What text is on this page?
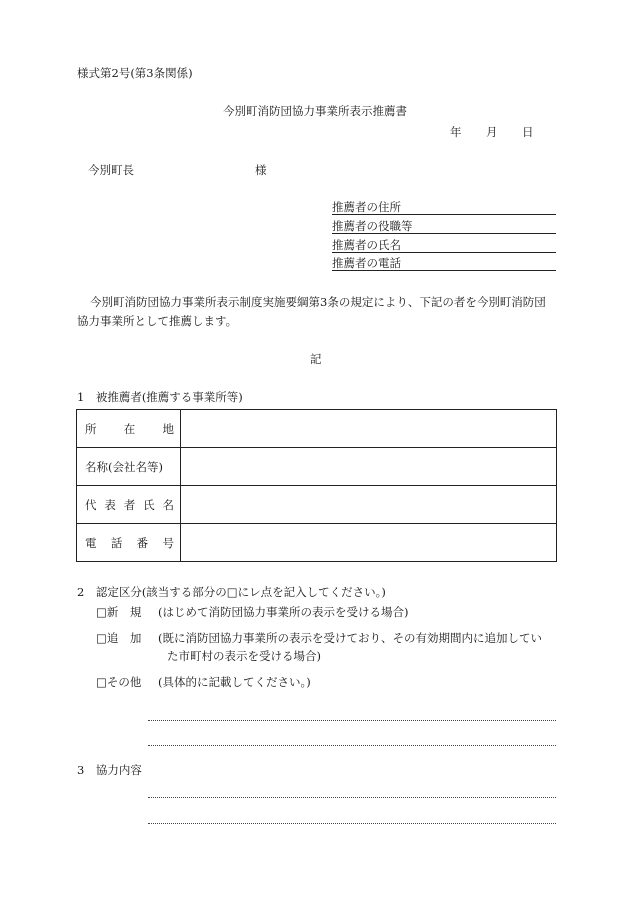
様式第2号(第3条関係)
今別町消防団協力事業所表示推薦書
年 月 日
今別町長	様
推薦者の住所
推薦者の役職等
推薦者の氏名
推薦者の電話
今別町消防団協力事業所表示制度実施要綱第3条の規定により、下記の者を今別町消防団
協力事業所として推薦します。
記
1　被推薦者(推薦する事業所等)
所 在 地	

名称(会社名等)	

代 表 者 氏 名	

電 話 番 号	

2　認定区分(該当する部分の□にレ点を記入してください。)
□新　規 (はじめて消防団協力事業所の表示を受ける場合)
□追　加 (既に消防団協力事業所の表示を受けており、その有効期間内に追加してい
た市町村の表示を受ける場合)
□その他 (具体的に記載してください。)
3　協力内容
